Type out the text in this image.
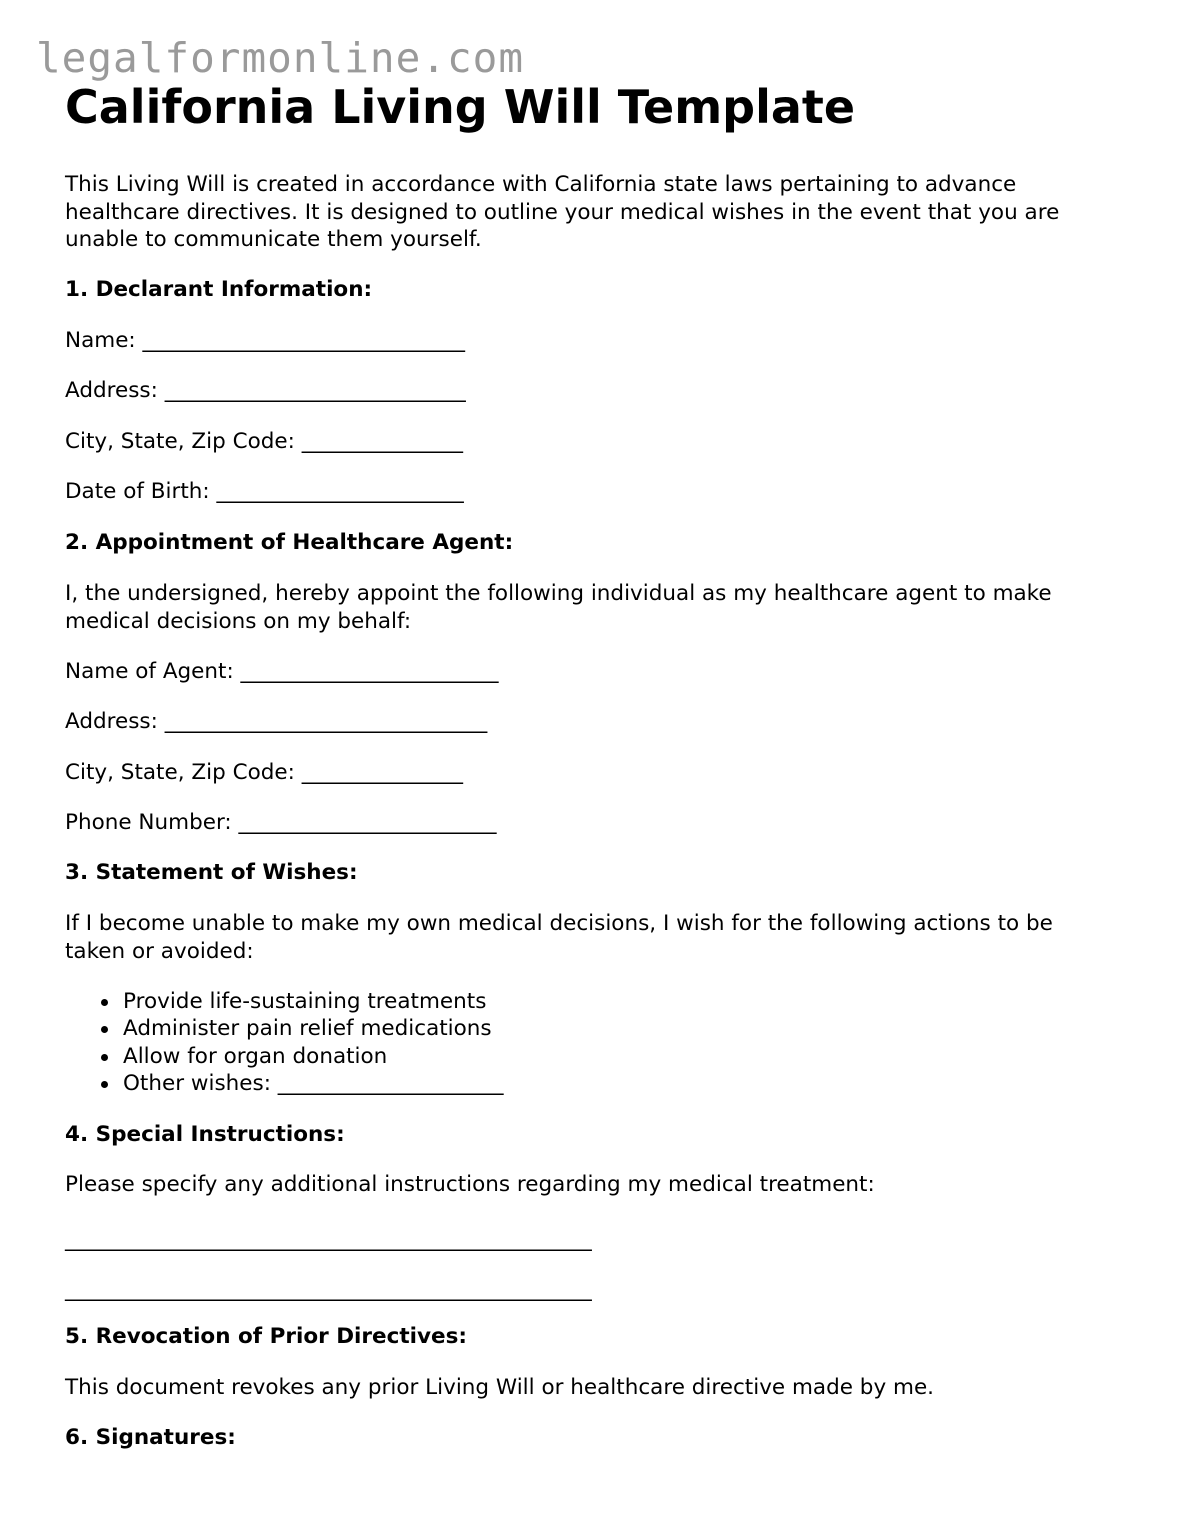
legalformonline.com
California Living Will Template
This Living Will is created in accordance with California state laws pertaining to advance healthcare directives. It is designed to outline your medical wishes in the event that you are unable to communicate them yourself.
1. Declarant Information:
Name: ______________________________
Address: ____________________________
City, State, Zip Code: _______________
Date of Birth: _______________________
2. Appointment of Healthcare Agent:
I, the undersigned, hereby appoint the following individual as my healthcare agent to make medical decisions on my behalf:
Name of Agent: ________________________
Address: ______________________________
City, State, Zip Code: _______________
Phone Number: ________________________
3. Statement of Wishes:
If I become unable to make my own medical decisions, I wish for the following actions to be taken or avoided:
Provide life-sustaining treatments
Administer pain relief medications
Allow for organ donation
Other wishes: _____________________
4. Special Instructions:
Please specify any additional instructions regarding my medical treatment:
_________________________________________________
_________________________________________________
5. Revocation of Prior Directives:
This document revokes any prior Living Will or healthcare directive made by me.
6. Signatures:
